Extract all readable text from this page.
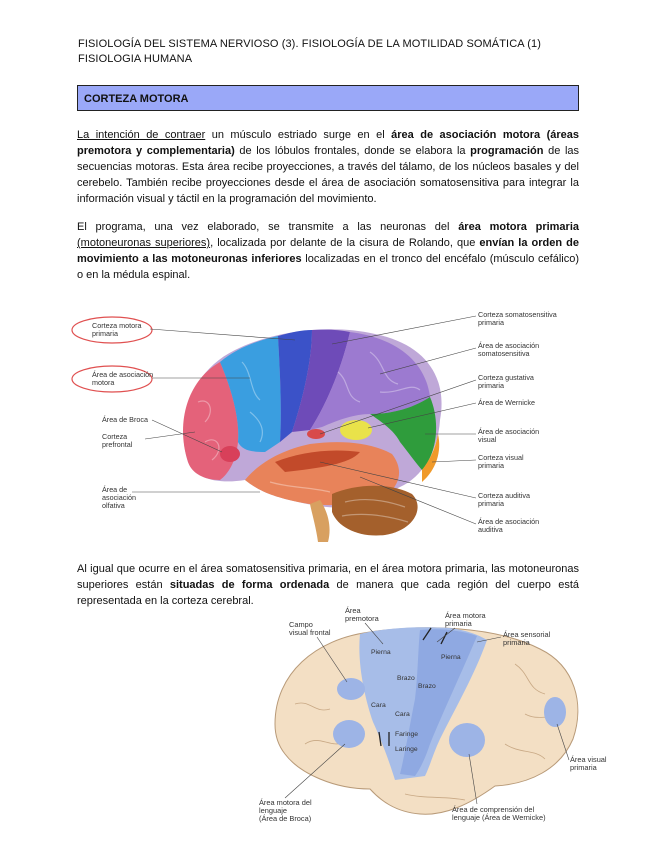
FISIOLOGÍA DEL SISTEMA NERVIOSO (3). FISIOLOGÍA DE LA MOTILIDAD SOMÁTICA (1)
FISIOLOGIA HUMANA
CORTEZA MOTORA
La intención de contraer un músculo estriado surge en el área de asociación motora (áreas premotora y complementaria) de los lóbulos frontales, donde se elabora la programación de las secuencias motoras. Esta área recibe proyecciones, a través del tálamo, de los núcleos basales y del cerebelo. También recibe proyecciones desde el área de asociación somatosensitiva para integrar la información visual y táctil en la programación del movimiento.
El programa, una vez elaborado, se transmite a las neuronas del área motora primaria (motoneuronas superiores), localizada por delante de la cisura de Rolando, que envían la orden de movimiento a las motoneuronas inferiores localizadas en el tronco del encéfalo (músculo cefálico) o en la médula espinal.
Corteza motora
primaria
Área de asociación
motora
Área de Broca
Corteza
prefrontal
Área de
asociación
olfativa
Corteza somatosensitiva
primaria
Área de asociación
somatosensitiva
Corteza gustativa
primaria
Área de Wernicke
Área de asociación
visual
Corteza visual
primaria
Corteza auditiva
primaria
Área de asociación
auditiva
Al igual que ocurre en el área somatosensitiva primaria, en el área motora primaria, las motoneuronas superiores están situadas de forma ordenada de manera que cada región del cuerpo está representada en la corteza cerebral.
Pierna
Pierna
Brazo
Brazo
Cara
Cara
Faringe
Laringe
Área
premotora
Campo
visual frontal
Área motora
primaria
Área sensorial
primaria
Área visual
primaria
Área motora del
lenguaje
(Área de Broca)
Área de comprensión del
lenguaje (Área de Wernicke)
